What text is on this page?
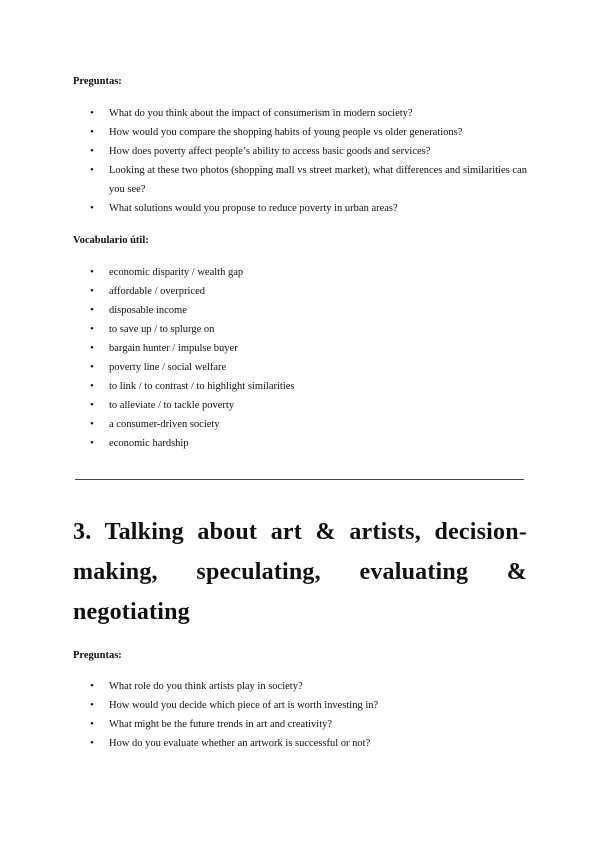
Preguntas:

• What do you think about the impact of consumerism in modern society?
• How would you compare the shopping habits of young people vs older generations?
• How does poverty affect people’s ability to access basic goods and services?
• Looking at these two photos (shopping mall vs street market), what differences and similarities can you see?
• What solutions would you propose to reduce poverty in urban areas?

Vocabulario útil:

• economic disparity / wealth gap
• affordable / overpriced
• disposable income
• to save up / to splurge on
• bargain hunter / impulse buyer
• poverty line / social welfare
• to link / to contrast / to highlight similarities
• to alleviate / to tackle poverty
• a consumer-driven society
• economic hardship
3. Talking about art & artists, decision-making, speculating, evaluating & negotiating

Preguntas:

• What role do you think artists play in society?
• How would you decide which piece of art is worth investing in?
• What might be the future trends in art and creativity?
• How do you evaluate whether an artwork is successful or not?
